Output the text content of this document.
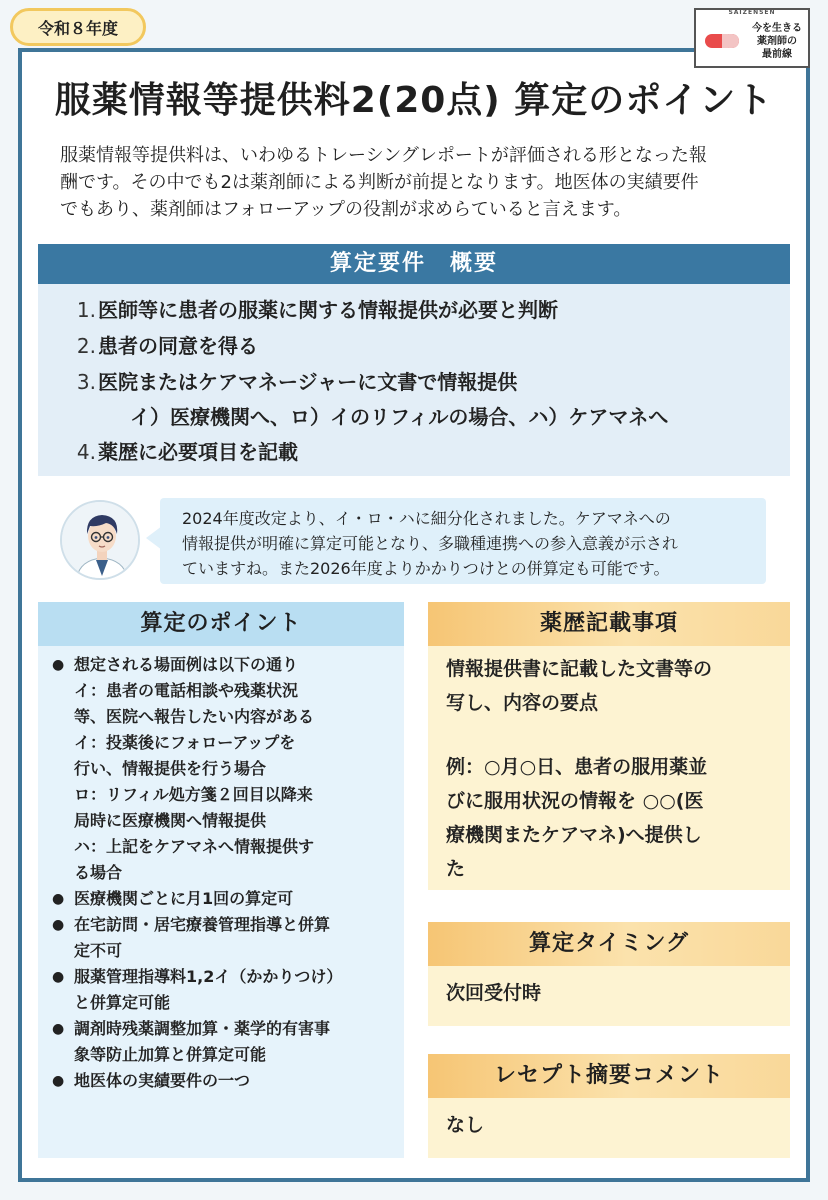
令和８年度
SAIZENSEN
今を生きる
薬剤師の
最前線
服薬情報等提供料2(20点) 算定のポイント
服薬情報等提供料は、いわゆるトレーシングレポートが評価される形となった報
酬です。その中でも2は薬剤師による判断が前提となります。地医体の実績要件
でもあり、薬剤師はフォローアップの役割が求めらていると言えます。
算定要件　概要
1. 医師等に患者の服薬に関する情報提供が必要と判断
2. 患者の同意を得る
3. 医院またはケアマネージャーに文書で情報提供
イ）医療機関へ、ロ）イのリフィルの場合、ハ）ケアマネへ
4. 薬歴に必要項目を記載
2024年度改定より、イ・ロ・ハに細分化されました。ケアマネへの
情報提供が明確に算定可能となり、多職種連携への参入意義が示され
ていますね。また2026年度よりかかりつけとの併算定も可能です。
算定のポイント
● 想定される場面例は以下の通り
イ：患者の電話相談や残薬状況
等、医院へ報告したい内容がある
イ：投薬後にフォローアップを
行い、情報提供を行う場合
ロ：リフィル処方箋２回目以降来
局時に医療機関へ情報提供
ハ：上記をケアマネへ情報提供す
る場合
● 医療機関ごとに月1回の算定可
● 在宅訪問・居宅療養管理指導と併算
定不可
● 服薬管理指導料1,2イ（かかりつけ）
と併算定可能
● 調剤時残薬調整加算・薬学的有害事
象等防止加算と併算定可能
● 地医体の実績要件の一つ
薬歴記載事項
情報提供書に記載した文書等の
写し、内容の要点
例：○月○日、患者の服用薬並
びに服用状況の情報を ○○(医
療機関またケアマネ)へ提供し
た
算定タイミング
次回受付時
レセプト摘要コメント
なし
